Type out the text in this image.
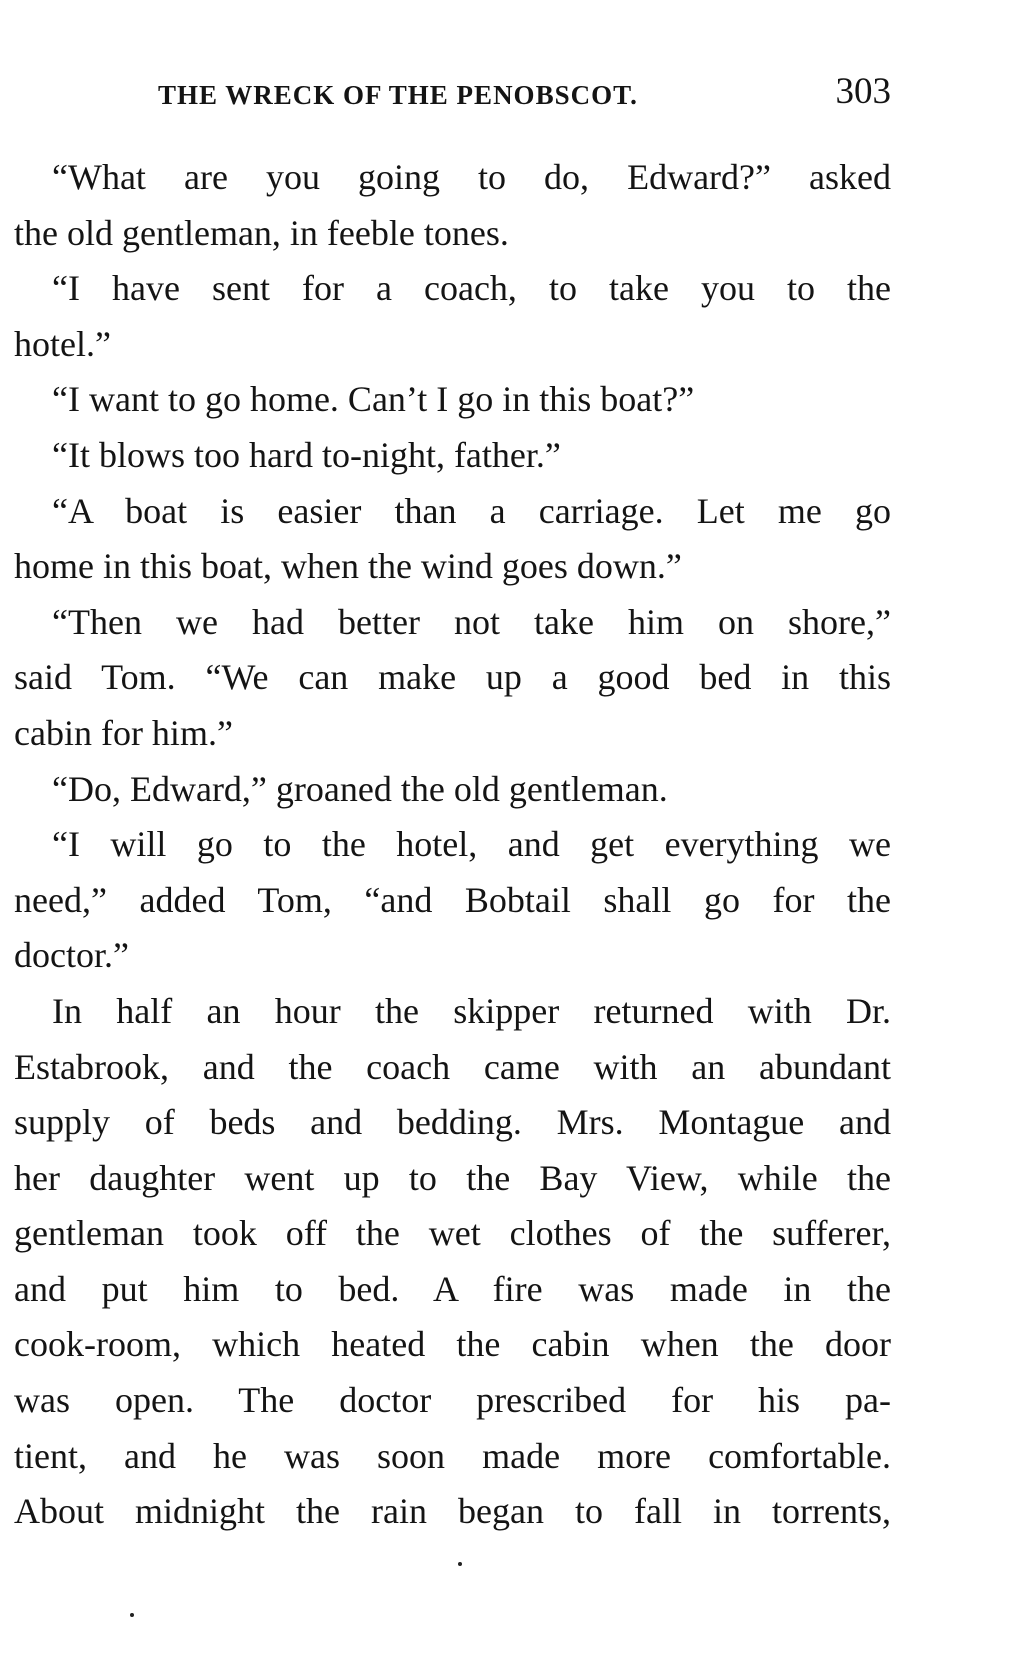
THE WRECK OF THE PENOBSCOT.	303
“What are you going to do, Edward?” asked
the old gentleman, in feeble tones.
“I have sent for a coach, to take you to the
hotel.”
“I want to go home. Can’t I go in this boat?”
“It blows too hard to-night, father.”
“A boat is easier than a carriage. Let me go
home in this boat, when the wind goes down.”
“Then we had better not take him on shore,”
said Tom. “We can make up a good bed in this
cabin for him.”
“Do, Edward,” groaned the old gentleman.
“I will go to the hotel, and get everything we
need,” added Tom, “and Bobtail shall go for the
doctor.”
In half an hour the skipper returned with Dr.
Estabrook, and the coach came with an abundant
supply of beds and bedding. Mrs. Montague and
her daughter went up to the Bay View, while the
gentleman took off the wet clothes of the sufferer,
and put him to bed. A fire was made in the
cook-room, which heated the cabin when the door
was open. The doctor prescribed for his pa-
tient, and he was soon made more comfortable.
About midnight the rain began to fall in torrents,
